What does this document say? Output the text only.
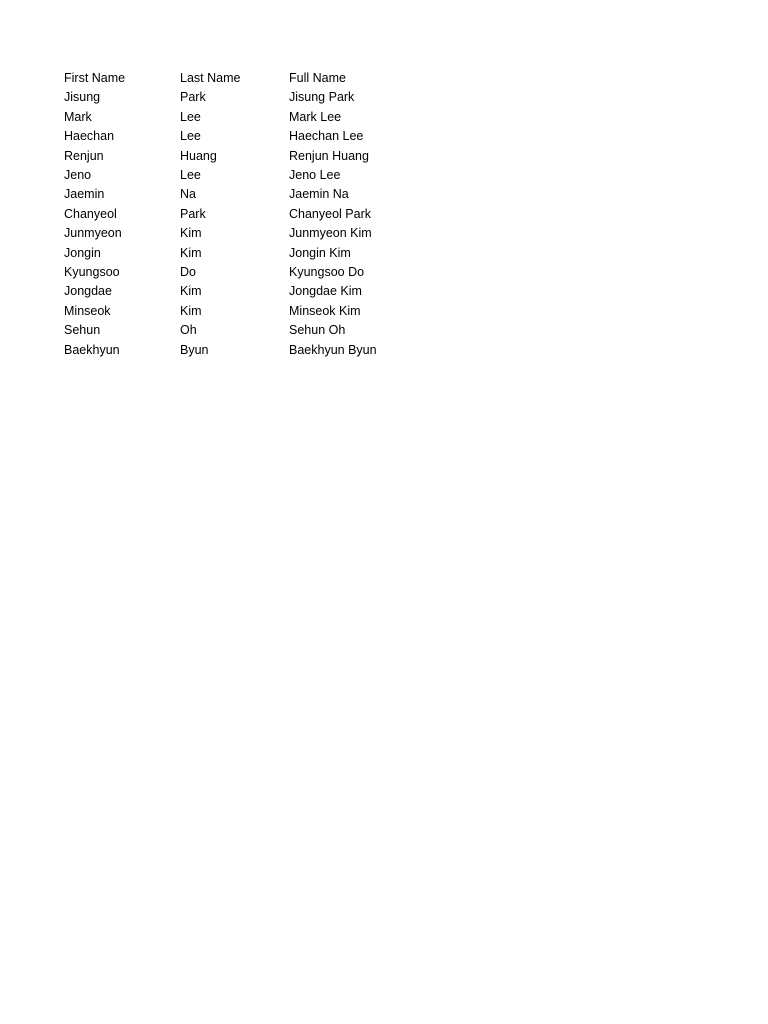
First Name	Last Name	Full Name
Jisung	Park	Jisung Park
Mark	Lee	Mark Lee
Haechan	Lee	Haechan Lee
Renjun	Huang	Renjun Huang
Jeno	Lee	Jeno Lee
Jaemin	Na	Jaemin Na
Chanyeol	Park	Chanyeol Park
Junmyeon	Kim	Junmyeon Kim
Jongin	Kim	Jongin Kim
Kyungsoo	Do	Kyungsoo Do
Jongdae	Kim	Jongdae Kim
Minseok	Kim	Minseok Kim
Sehun	Oh	Sehun Oh
Baekhyun	Byun	Baekhyun Byun
